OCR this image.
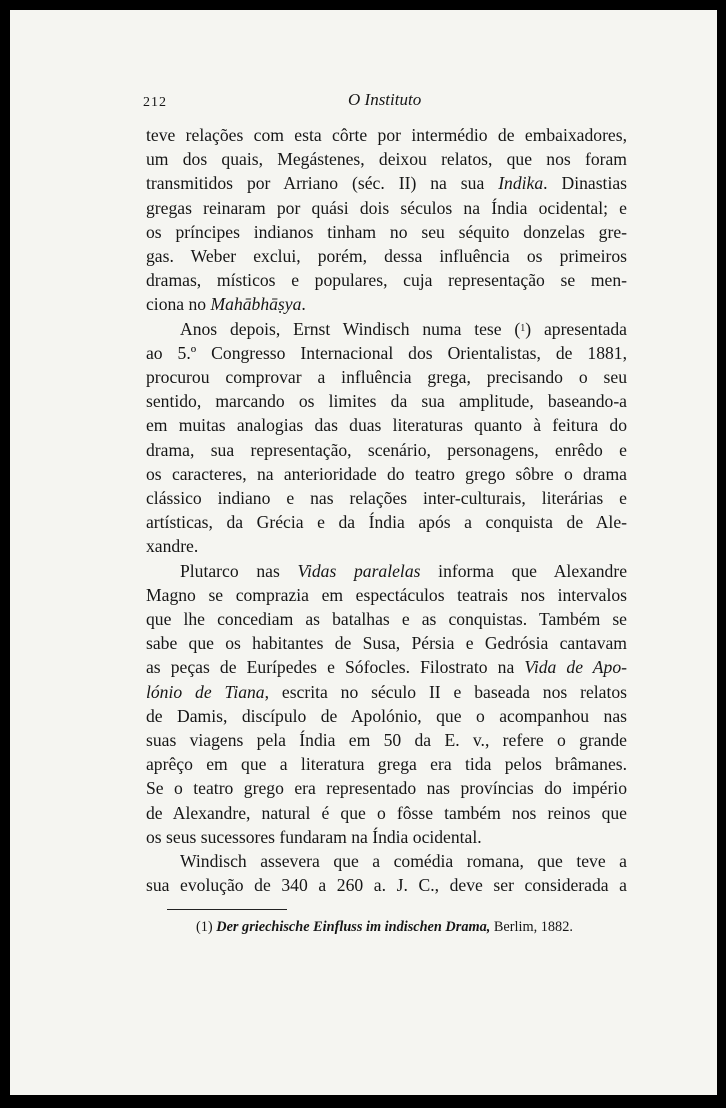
212	O Instituto
teve relações com esta côrte por intermédio de embaixadores,
um dos quais, Megástenes, deixou relatos, que nos foram
transmitidos por Arriano (séc. II) na sua Indika. Dinastias
gregas reinaram por quási dois séculos na Índia ocidental; e
os príncipes indianos tinham no seu séquito donzelas gre-
gas. Weber exclui, porém, dessa influência os primeiros
dramas, místicos e populares, cuja representação se men-
ciona no Mahābhāṣya.
Anos depois, Ernst Windisch numa tese ($^1$) apresentada
ao 5.º Congresso Internacional dos Orientalistas, de 1881,
procurou comprovar a influência grega, precisando o seu
sentido, marcando os limites da sua amplitude, baseando-a
em muitas analogias das duas literaturas quanto à feitura do
drama, sua representação, scenário, personagens, enrêdo e
os caracteres, na anterioridade do teatro grego sôbre o drama
clássico indiano e nas relações inter-culturais, literárias e
artísticas, da Grécia e da Índia após a conquista de Ale-
xandre.
Plutarco nas Vidas paralelas informa que Alexandre
Magno se comprazia em espectáculos teatrais nos intervalos
que lhe concediam as batalhas e as conquistas. Também se
sabe que os habitantes de Susa, Pérsia e Gedrósia cantavam
as peças de Eurípedes e Sófocles. Filostrato na Vida de Apo-
lónio de Tiana, escrita no século II e baseada nos relatos
de Damis, discípulo de Apolónio, que o acompanhou nas
suas viagens pela Índia em 50 da E. v., refere o grande
aprêço em que a literatura grega era tida pelos brâmanes.
Se o teatro grego era representado nas províncias do império
de Alexandre, natural é que o fôsse também nos reinos que
os seus sucessores fundaram na Índia ocidental.
Windisch assevera que a comédia romana, que teve a
sua evolução de 340 a 260 a. J. C., deve ser considerada a
(1) Der griechische Einfluss im indischen Drama, Berlim, 1882.
